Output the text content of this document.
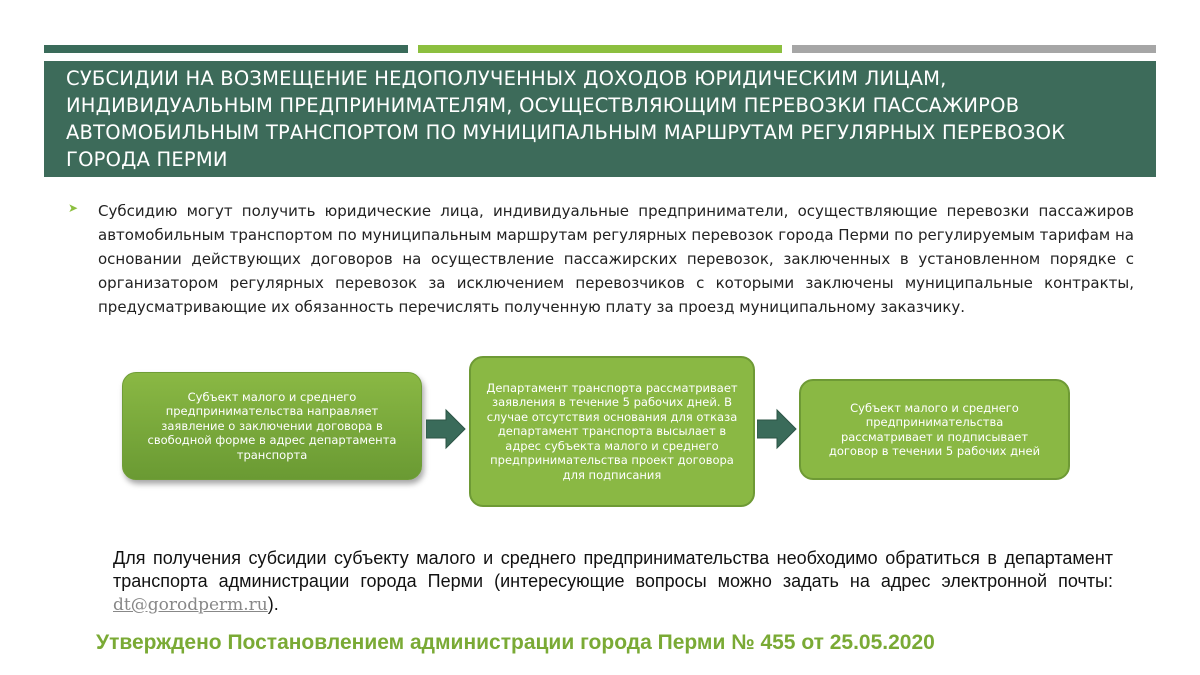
СУБСИДИИ НА ВОЗМЕЩЕНИЕ НЕДОПОЛУЧЕННЫХ ДОХОДОВ ЮРИДИЧЕСКИМ ЛИЦАМ, ИНДИВИДУАЛЬНЫМ ПРЕДПРИНИМАТЕЛЯМ, ОСУЩЕСТВЛЯЮЩИМ ПЕРЕВОЗКИ ПАССАЖИРОВ АВТОМОБИЛЬНЫМ ТРАНСПОРТОМ ПО МУНИЦИПАЛЬНЫМ МАРШРУТАМ РЕГУЛЯРНЫХ ПЕРЕВОЗОК ГОРОДА ПЕРМИ

➤ Субсидию могут получить юридические лица, индивидуальные предприниматели, осуществляющие перевозки пассажиров автомобильным транспортом по муниципальным маршрутам регулярных перевозок города Перми по регулируемым тарифам на основании действующих договоров на осуществление пассажирских перевозок, заключенных в установленном порядке с организатором регулярных перевозок за исключением перевозчиков с которыми заключены муниципальные контракты, предусматривающие их обязанность перечислять полученную плату за проезд муниципальному заказчику.
Субъект малого и среднего предпринимательства направляет заявление о заключении договора в свободной форме в адрес департамента транспорта
Департамент транспорта рассматривает заявления в течение 5 рабочих дней. В случае отсутствия основания для отказа департамент транспорта высылает в адрес субъекта малого и среднего предпринимательства проект договора для подписания
Субъект малого и среднего предпринимательства рассматривает и подписывает договор в течении 5 рабочих дней

Для получения субсидии субъекту малого и среднего предпринимательства необходимо обратиться в департамент транспорта администрации города Перми (интересующие вопросы можно задать на адрес электронной почты: dt@gorodperm.ru).

Утверждено Постановлением администрации города Перми № 455 от 25.05.2020
